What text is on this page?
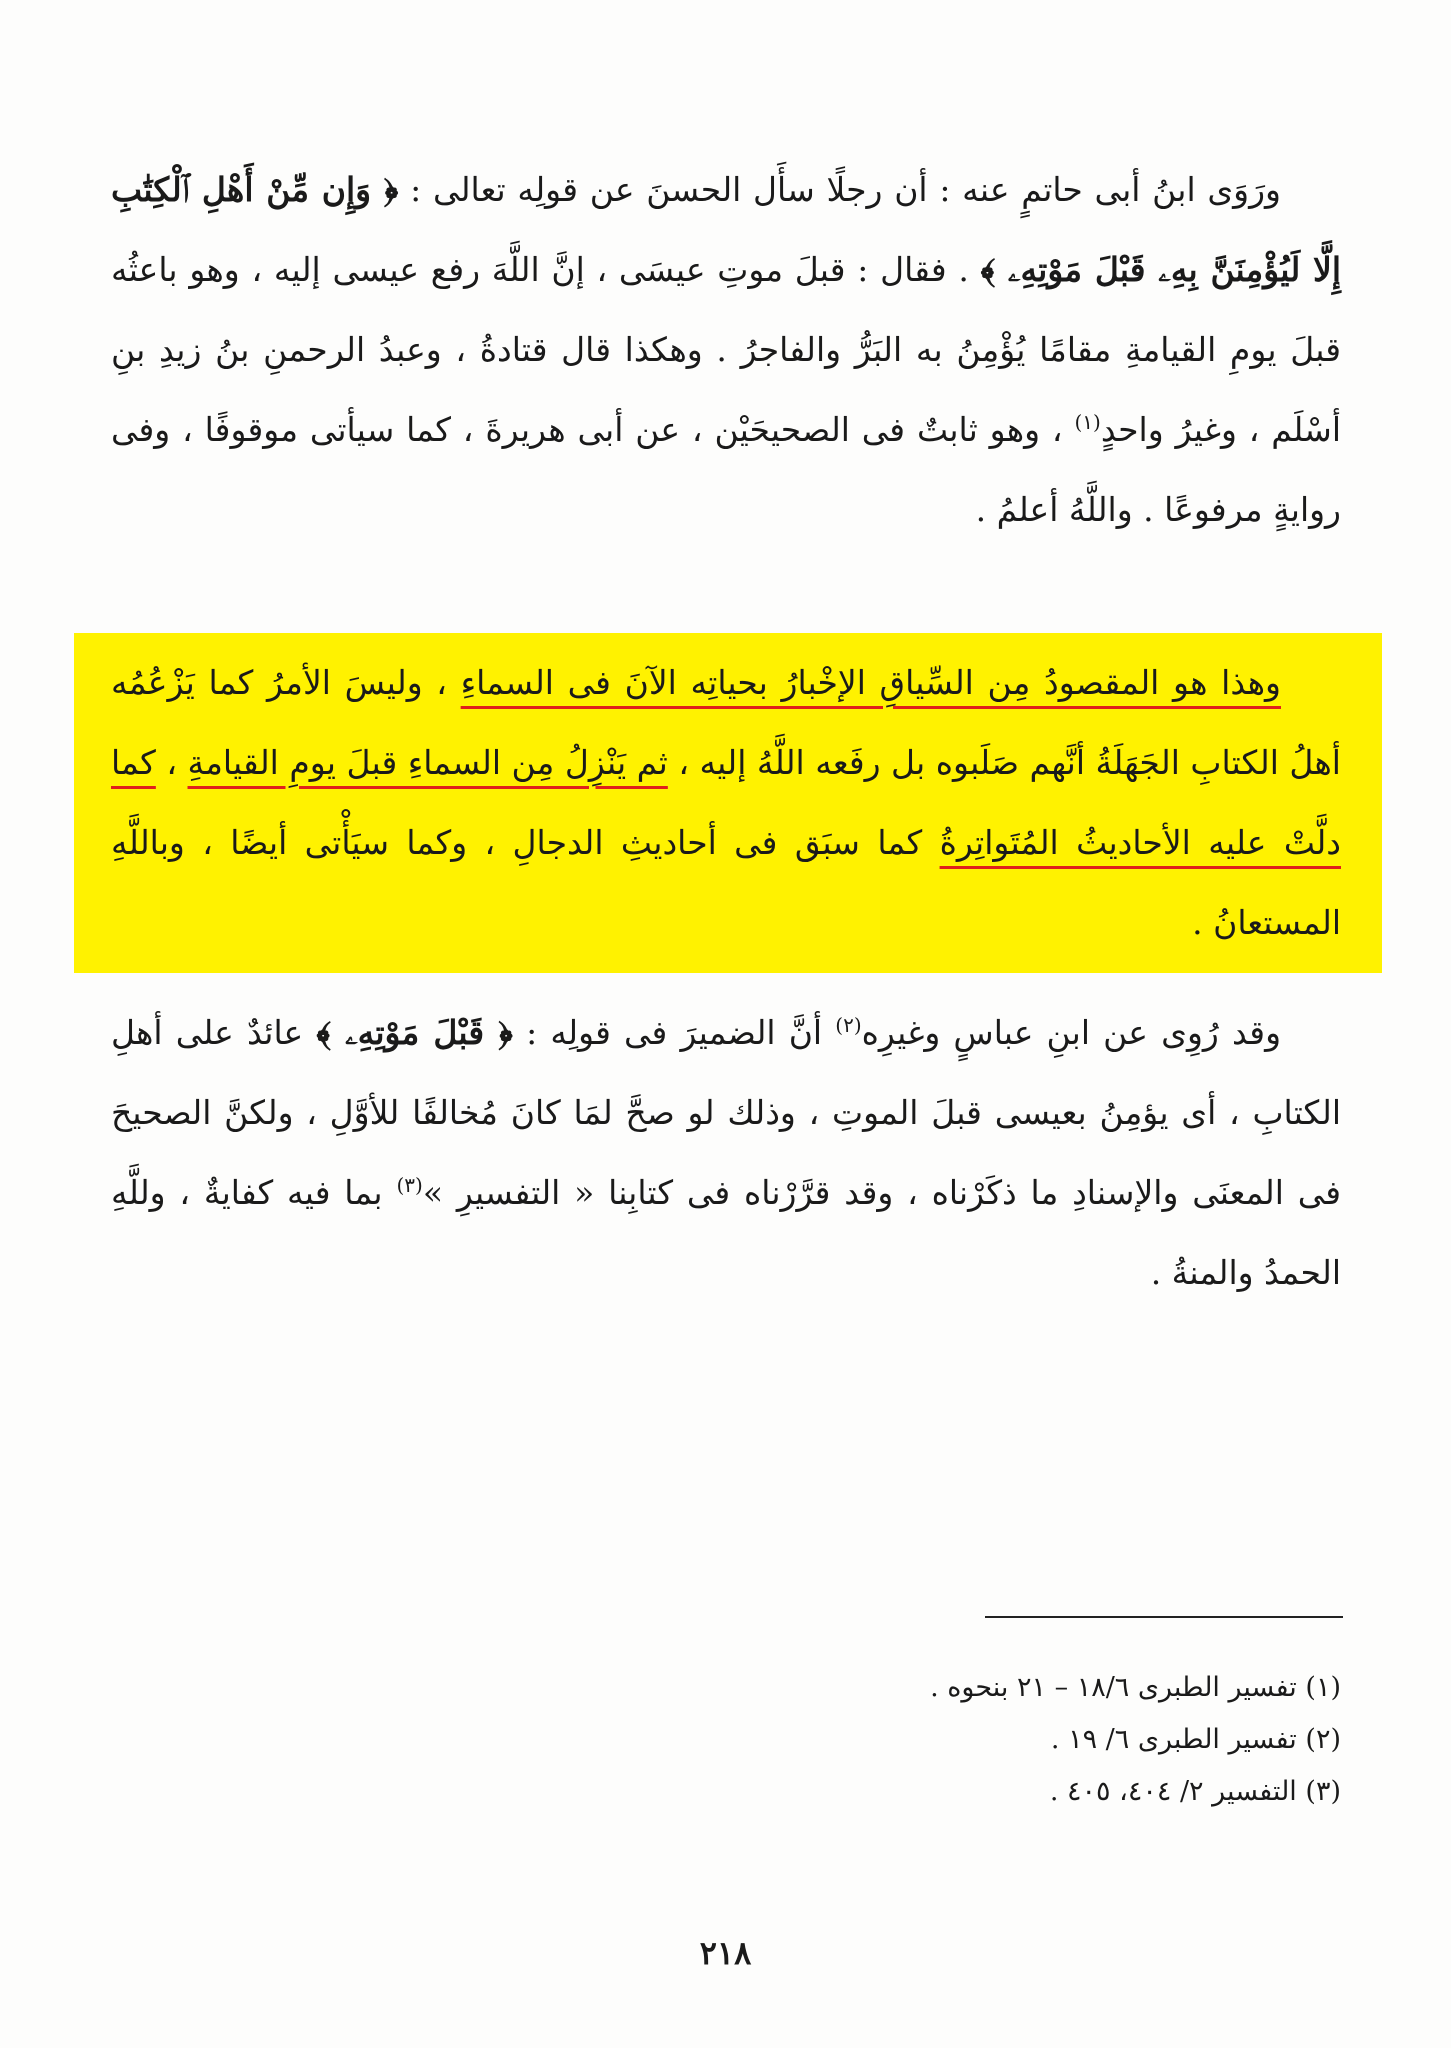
ورَوَى ابنُ أبى حاتمٍ عنه : أن رجلًا سأَل الحسنَ عن قولِه تعالى : ﴿ وَإِن مِّنْ أَهْلِ ٱلْكِتَٰبِ إِلَّا لَيُؤْمِنَنَّ بِهِۦ قَبْلَ مَوْتِهِۦ ﴾ . فقال : قبلَ موتِ عيسَى ، إنَّ اللَّهَ رفع عيسى إليه ، وهو باعثُه قبلَ يومِ القيامةِ مقامًا يُؤْمِنُ به البَرُّ والفاجرُ . وهكذا قال قتادةُ ، وعبدُ الرحمنِ بنُ زيدِ بنِ أسْلَم ، وغيرُ واحدٍ$^{(١)}$ ، وهو ثابتٌ فى الصحيحَيْن ، عن أبى هريرةَ ، كما سيأتى موقوفًا ، وفى روايةٍ مرفوعًا . واللَّهُ أعلمُ .

وهذا هو المقصودُ مِن السِّياقِ الإخْبارُ بحياتِه الآنَ فى السماءِ ، وليسَ الأمرُ كما يَزْعُمُه أهلُ الكتابِ الجَهَلَةُ أنَّهم صَلَبوه بل رفَعه اللَّهُ إليه ، ثم يَنْزِلُ مِن السماءِ قبلَ يومِ القيامةِ ، كما دلَّتْ عليه الأحاديثُ المُتَواتِرةُ كما سبَق فى أحاديثِ الدجالِ ، وكما سيَأْتى أيضًا ، وباللَّهِ المستعانُ .

وقد رُوِى عن ابنِ عباسٍ وغيرِه$^{(٢)}$ أنَّ الضميرَ فى قولِه : ﴿ قَبْلَ مَوْتِهِۦ ﴾ عائدٌ على أهلِ الكتابِ ، أى يؤمِنُ بعيسى قبلَ الموتِ ، وذلك لو صحَّ لمَا كانَ مُخالفًا للأوَّلِ ، ولكنَّ الصحيحَ فى المعنَى والإسنادِ ما ذكَرْناه ، وقد قرَّرْناه فى كتابِنا « التفسيرِ »$^{(٣)}$ بما فيه كفايةٌ ، وللَّهِ الحمدُ والمنةُ .

(١) تفسير الطبرى ١٨/٦ – ٢١ بنحوه .

(٢) تفسير الطبرى ٦/ ١٩ .

(٣) التفسير ٢/ ٤٠٤، ٤٠٥ .

٢١٨
